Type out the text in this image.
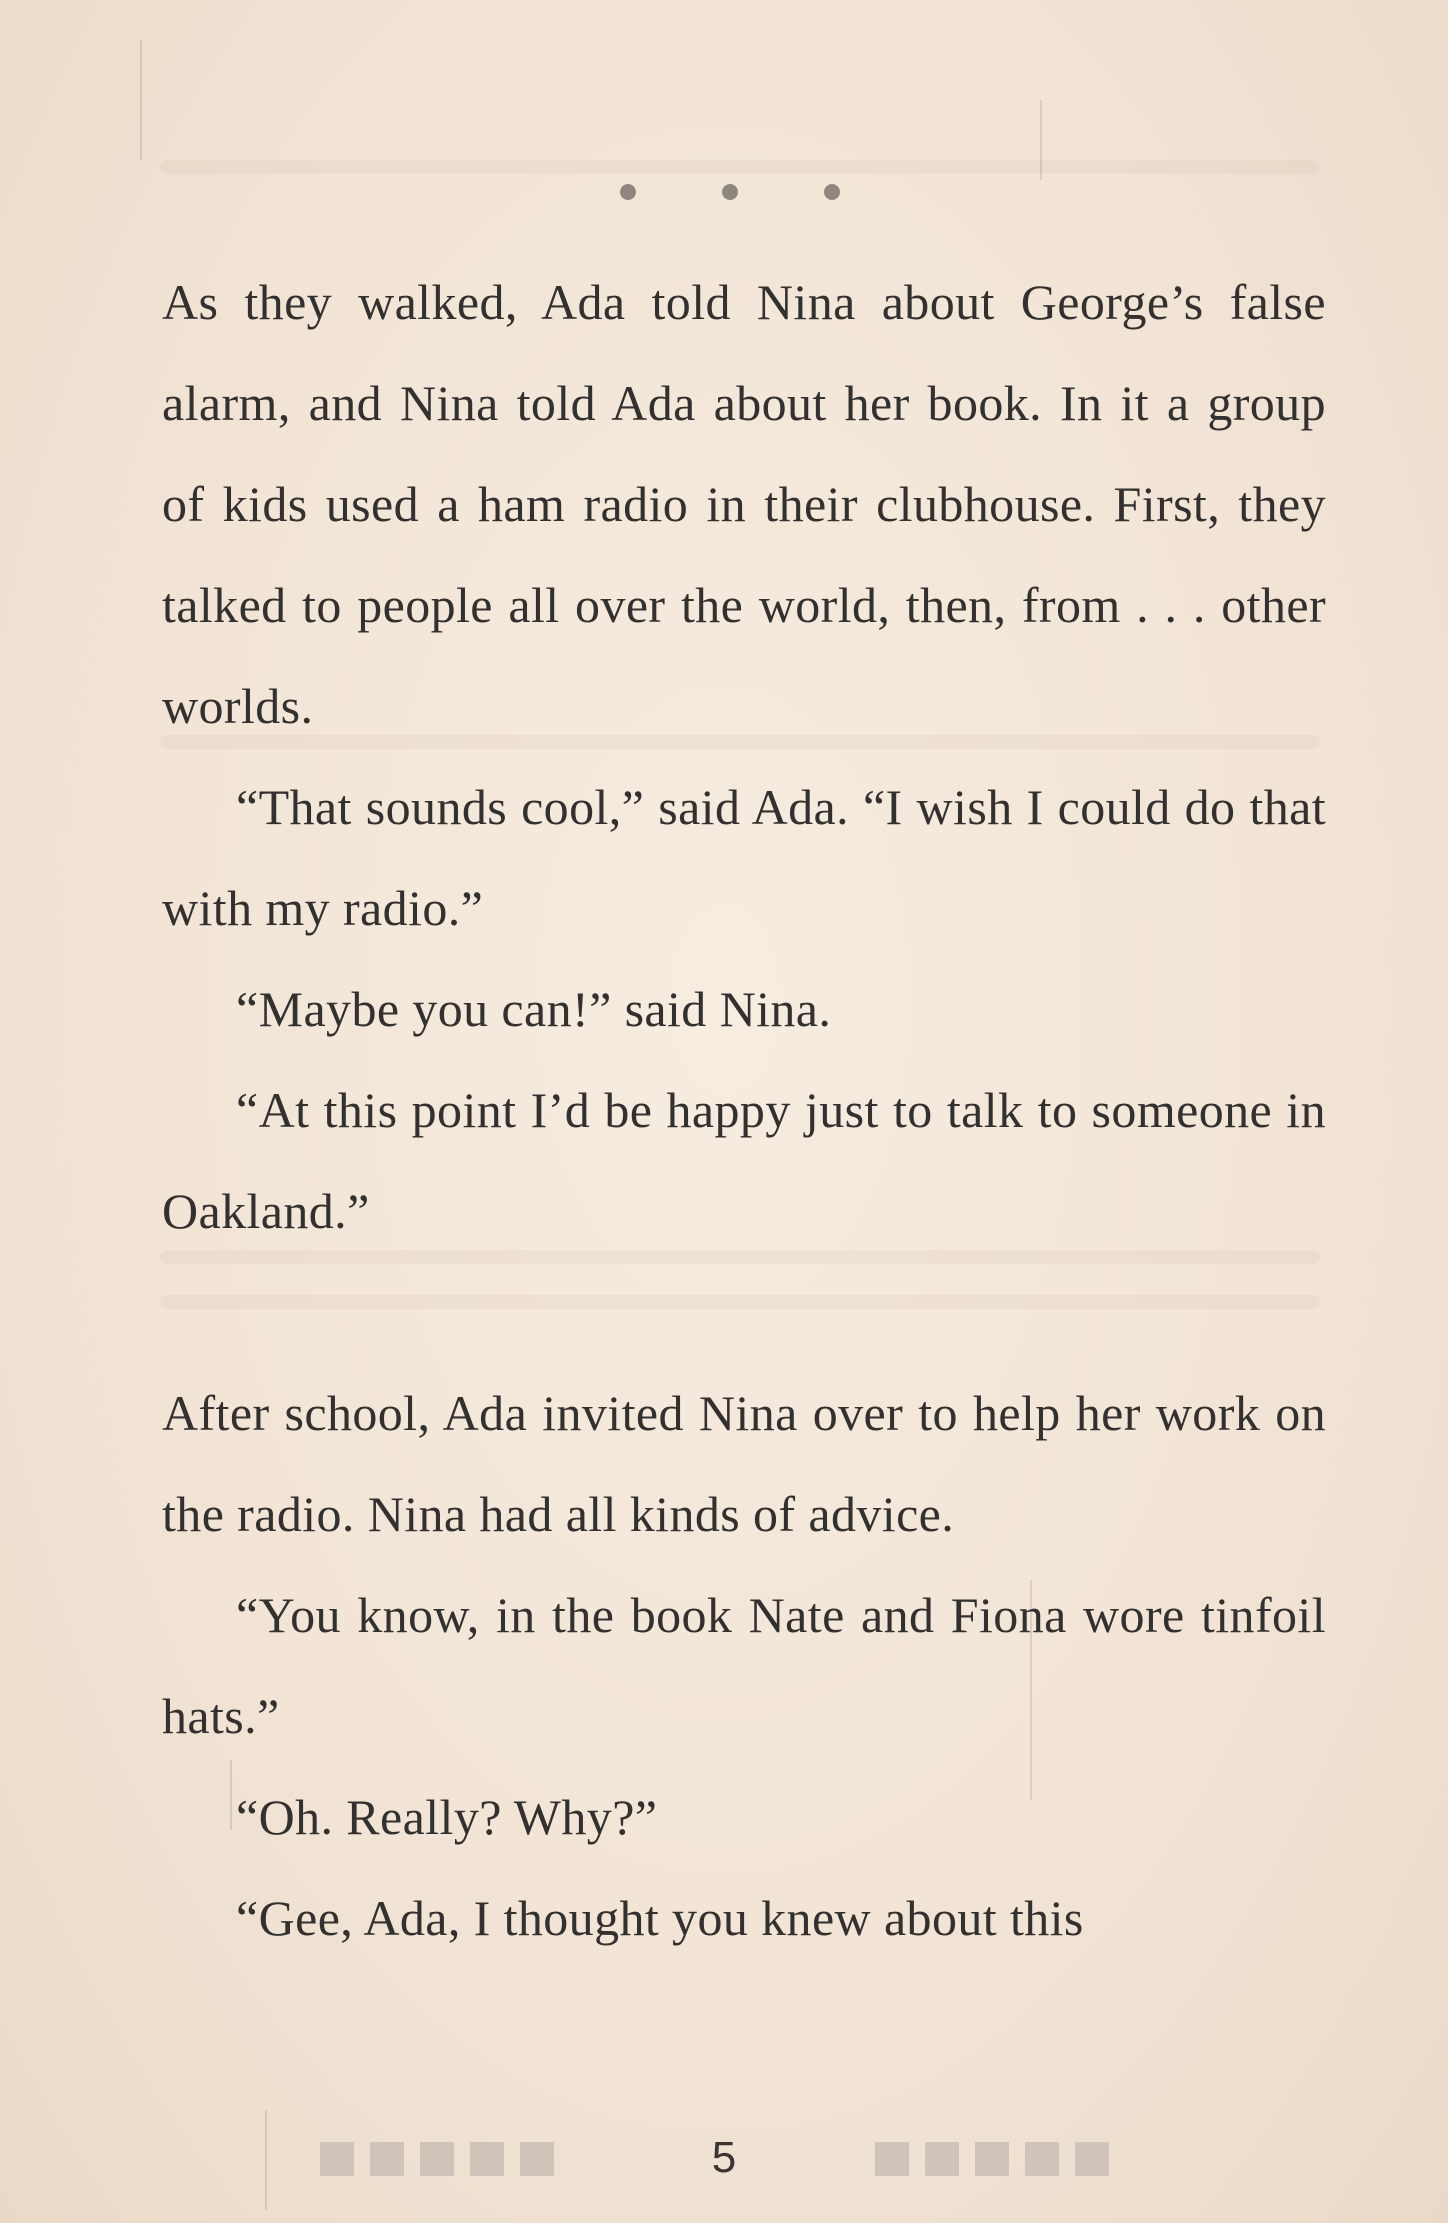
As they walked, Ada told Nina about George’s false alarm, and Nina told Ada about her book. In it a group of kids used a ham radio in their clubhouse. First, they talked to people all over the world, then, from . . . other worlds.

“That sounds cool,” said Ada. “I wish I could do that with my radio.”

“Maybe you can!” said Nina.

“At this point I’d be happy just to talk to someone in Oakland.”

After school, Ada invited Nina over to help her work on the radio. Nina had all kinds of advice.

“You know, in the book Nate and Fiona wore tinfoil hats.”

“Oh. Really? Why?”

“Gee, Ada, I thought you knew about this

5
